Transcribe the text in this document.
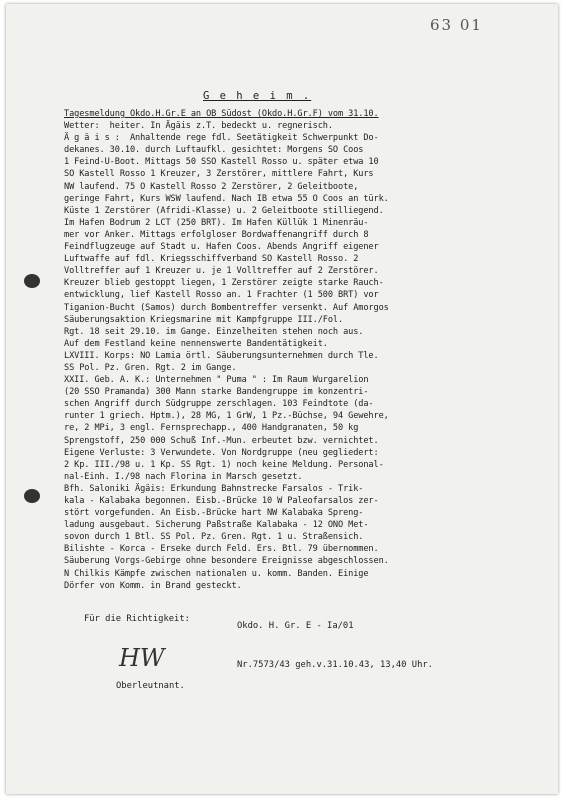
63 01
G e h e i m .
Tagesmeldung Okdo.H.Gr.E an OB Südost (Okdo.H.Gr.F) vom 31.10.
Wetter:  heiter. In Ägäis z.T. bedeckt u. regnerisch.
Ä g ä i s :  Anhaltende rege fdl. Seetätigkeit Schwerpunkt Do-
dekanes. 30.10. durch Luftaufkl. gesichtet: Morgens SO Coos
1 Feind-U-Boot. Mittags 50 SSO Kastell Rosso u. später etwa 10
SO Kastell Rosso 1 Kreuzer, 3 Zerstörer, mittlere Fahrt, Kurs
NW laufend. 75 O Kastell Rosso 2 Zerstörer, 2 Geleitboote,
geringe Fahrt, Kurs WSW laufend. Nach IB etwa 55 O Coos an türk.
Küste 1 Zerstörer (Afridi-Klasse) u. 2 Geleitboote stilliegend.
Im Hafen Bodrum 2 LCT (250 BRT). Im Hafen Küllük 1 Minenräu-
mer vor Anker. Mittags erfolgloser Bordwaffenangriff durch 8
Feindflugzeuge auf Stadt u. Hafen Coos. Abends Angriff eigener
Luftwaffe auf fdl. Kriegsschiffverband SO Kastell Rosso. 2
Volltreffer auf 1 Kreuzer u. je 1 Volltreffer auf 2 Zerstörer.
Kreuzer blieb gestoppt liegen, 1 Zerstörer zeigte starke Rauch-
entwicklung, lief Kastell Rosso an. 1 Frachter (1 500 BRT) vor
Tiganion-Bucht (Samos) durch Bombentreffer versenkt. Auf Amorgos
Säuberungsaktion Kriegsmarine mit Kampfgruppe III./Fol.
Rgt. 18 seit 29.10. im Gange. Einzelheiten stehen noch aus.
Auf dem Festland keine nennenswerte Bandentätigkeit.
LXVIII. Korps: NO Lamia örtl. Säuberungsunternehmen durch Tle.
SS Pol. Pz. Gren. Rgt. 2 im Gange.
XXII. Geb. A. K.: Unternehmen " Puma " : Im Raum Wurgarelion
(20 SSO Pramanda) 300 Mann starke Bandengruppe im konzentri-
schen Angriff durch Südgruppe zerschlagen. 103 Feindtote (da-
runter 1 griech. Hptm.), 28 MG, 1 GrW, 1 Pz.-Büchse, 94 Gewehre,
re, 2 MPi, 3 engl. Fernsprechapp., 400 Handgranaten, 50 kg
Sprengstoff, 250 000 Schuß Inf.-Mun. erbeutet bzw. vernichtet.
Eigene Verluste: 3 Verwundete. Von Nordgruppe (neu gegliedert:
2 Kp. III./98 u. 1 Kp. SS Rgt. 1) noch keine Meldung. Personal-
nal-Einh. I./98 nach Florina in Marsch gesetzt.
Bfh. Saloniki Ägäis: Erkundung Bahnstrecke Farsalos - Trik-
kala - Kalabaka begonnen. Eisb.-Brücke 10 W Paleofarsalos zer-
stört vorgefunden. An Eisb.-Brücke hart NW Kalabaka Spreng-
ladung ausgebaut. Sicherung Paßstraße Kalabaka - 12 ONO Met-
sovon durch 1 Btl. SS Pol. Pz. Gren. Rgt. 1 u. Straßensich.
Bilishte - Korca - Erseke durch Feld. Ers. Btl. 79 übernommen.
Säuberung Vorgs-Gebirge ohne besondere Ereignisse abgeschlossen.
N Chilkis Kämpfe zwischen nationalen u. komm. Banden. Einige
Dörfer von Komm. in Brand gesteckt.

Okdo. H. Gr. E - Ia/01

Nr.7573/43 geh.v.31.10.43, 13,40 Uhr.

Für die Richtigkeit:
HW
Oberleutnant.
